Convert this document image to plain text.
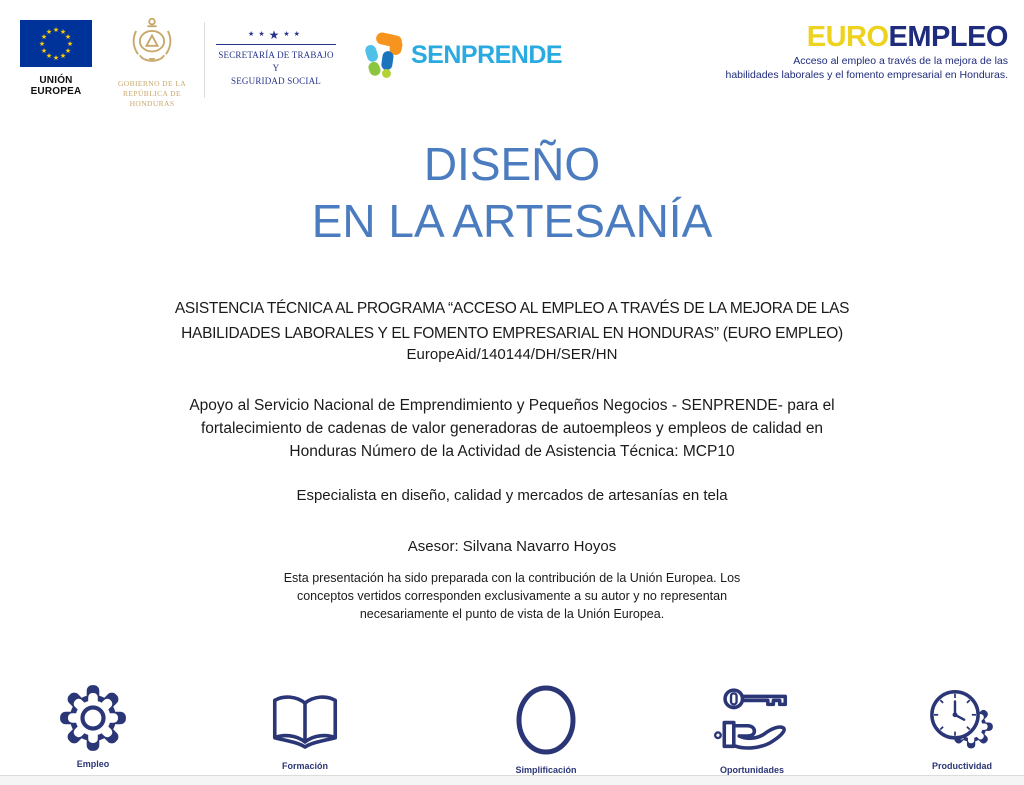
★ ★
★
★
★
★
★
★
★
★
★
★
UNIÓN EUROPEA
GOBIERNO DE LA
REPÚBLICA DE HONDURAS
★★★★★
SECRETARÍA DE TRABAJO Y
SEGURIDAD SOCIAL
SENPRENDE
EUROEMPLEO
Acceso al empleo a través de la mejora de las
habilidades laborales y el fomento empresarial en Honduras.
DISEÑO
EN LA ARTESANÍA
ASISTENCIA TÉCNICA AL PROGRAMA “ACCESO AL EMPLEO A TRAVÉS DE LA MEJORA DE LAS HABILIDADES LABORALES Y EL FOMENTO EMPRESARIAL EN HONDURAS” (EURO EMPLEO)
EuropeAid/140144/DH/SER/HN
Apoyo al Servicio Nacional de Emprendimiento y Pequeños Negocios - SENPRENDE- para el fortalecimiento de cadenas de valor generadoras de autoempleos y empleos de calidad en Honduras Número de la Actividad de Asistencia Técnica: MCP10
Especialista en diseño, calidad y mercados de artesanías en tela
Asesor: Silvana Navarro Hoyos
Esta presentación ha sido preparada con la contribución de la Unión Europea. Los conceptos vertidos corresponden exclusivamente a su autor y no representan necesariamente el punto de vista de la Unión Europea.
Empleo	Formación	Simplificación	Oportunidades	Productividad
